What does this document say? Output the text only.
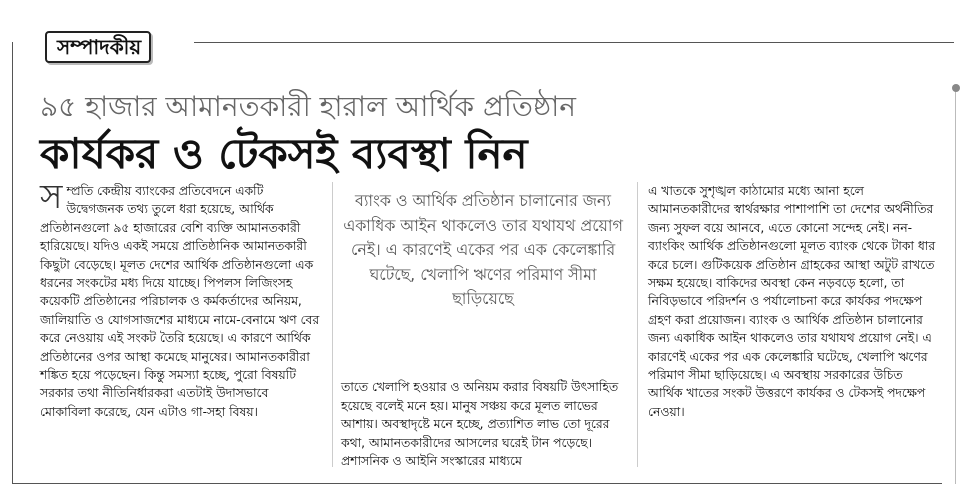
সম্পাদকীয়
৯৫ হাজার আমানতকারী হারাল আর্থিক প্রতিষ্ঠান
কার্যকর ও টেকসই ব্যবস্থা নিন
স ম্প্রতি কেন্দ্রীয় ব্যাংকের প্রতিবেদনে একটি উদ্বেগজনক তথ্য তুলে ধরা হয়েছে, আর্থিক প্রতিষ্ঠানগুলো ৯৫ হাজারের বেশি ব্যক্তি আমানতকারী হারিয়েছে। যদিও একই সময়ে প্রাতিষ্ঠানিক আমানতকারী কিছুটা বেড়েছে। মূলত দেশের আর্থিক প্রতিষ্ঠানগুলো এক ধরনের সংকটের মধ্য দিয়ে যাচ্ছে। পিপলস লিজিংসহ কয়েকটি প্রতিষ্ঠানের পরিচালক ও কর্মকর্তাদের অনিয়ম, জালিয়াতি ও যোগসাজশের মাধ্যমে নামে-বেনামে ঋণ বের করে নেওয়ায় এই সংকট তৈরি হয়েছে। এ কারণে আর্থিক প্রতিষ্ঠানের ওপর আস্থা কমেছে মানুষের। আমানতকারীরা শঙ্কিত হয়ে পড়েছেন। কিন্তু সমস্যা হচ্ছে, পুরো বিষয়টি সরকার তথা নীতিনির্ধারকরা এতটাই উদাসভাবে মোকাবিলা করেছে, যেন এটাও গা-সহা বিষয়।

ব্যাংক ও আর্থিক প্রতিষ্ঠান চালানোর জন্য একাধিক আইন থাকলেও তার যথাযথ প্রয়োগ নেই। এ কারণেই একের পর এক কেলেঙ্কারি ঘটেছে, খেলাপি ঋণের পরিমাণ সীমা ছাড়িয়েছে

তাতে খেলাপি হওয়ার ও অনিয়ম করার বিষয়টি উৎসাহিত হয়েছে বলেই মনে হয়। মানুষ সঞ্চয় করে মূলত লাভের আশায়। অবস্থাদৃষ্টে মনে হচ্ছে, প্রত্যাশিত লাভ তো দূরের কথা, আমানতকারীদের আসলের ঘরেই টান পড়েছে। প্রশাসনিক ও আইনি সংস্কারের মাধ্যমে

এ খাতকে সুশৃঙ্খল কাঠামোর মধ্যে আনা হলে আমানতকারীদের স্বার্থরক্ষার পাশাপাশি তা দেশের অর্থনীতির জন্য সুফল বয়ে আনবে, এতে কোনো সন্দেহ নেই। নন-ব্যাংকিং আর্থিক প্রতিষ্ঠানগুলো মূলত ব্যাংক থেকে টাকা ধার করে চলে। গুটিকয়েক প্রতিষ্ঠান গ্রাহকের আস্থা অটুট রাখতে সক্ষম হয়েছে। বাকিদের অবস্থা কেন নড়বড়ে হলো, তা নিবিড়ভাবে পরিদর্শন ও পর্যালোচনা করে কার্যকর পদক্ষেপ গ্রহণ করা প্রয়োজন। ব্যাংক ও আর্থিক প্রতিষ্ঠান চালানোর জন্য একাধিক আইন থাকলেও তার যথাযথ প্রয়োগ নেই। এ কারণেই একের পর এক কেলেঙ্কারি ঘটেছে, খেলাপি ঋণের পরিমাণ সীমা ছাড়িয়েছে। এ অবস্থায় সরকারের উচিত আর্থিক খাতের সংকট উত্তরণে কার্যকর ও টেকসই পদক্ষেপ নেওয়া।
